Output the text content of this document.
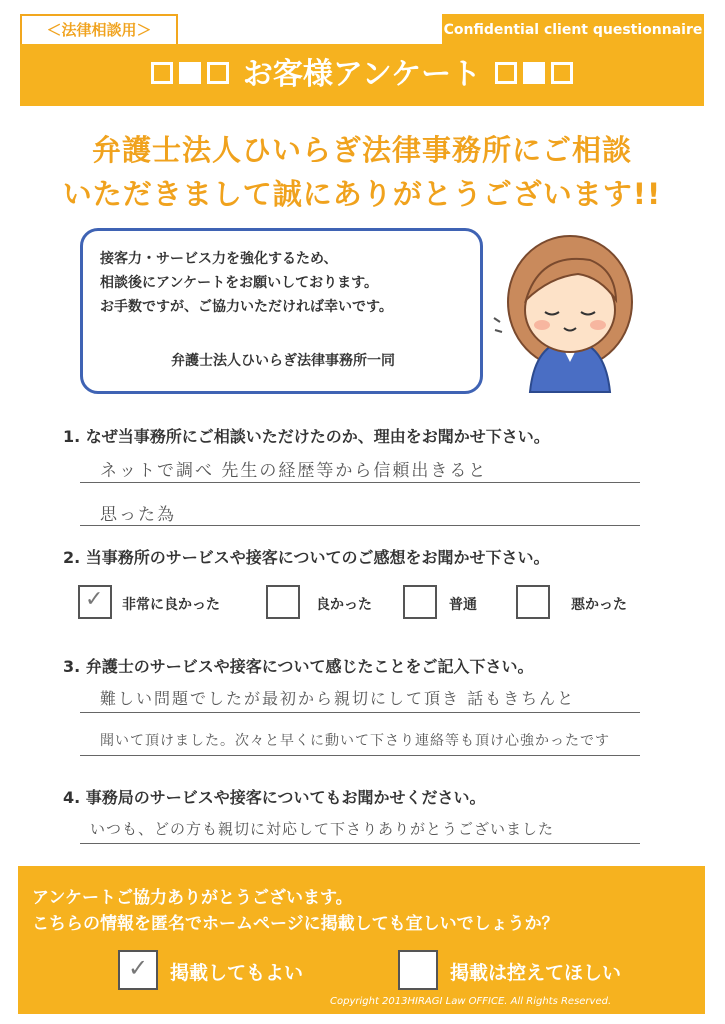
＜法律相談用＞	Confidential client questionnaire
お客様アンケート
弁護士法人ひいらぎ法律事務所にご相談
いただきまして誠にありがとうございます!!
接客力・サービス力を強化するため、
相談後にアンケートをお願いしております。
お手数ですが、ご協力いただければ幸いです。
弁護士法人ひいらぎ法律事務所一同
1. なぜ当事務所にご相談いただけたのか、理由をお聞かせ下さい。
ネットで調べ 先生の経歴等から信頼出きると
思った為
2. 当事務所のサービスや接客についてのご感想をお聞かせ下さい。
✓ 非常に良かった	良かった	普通	悪かった
3. 弁護士のサービスや接客について感じたことをご記入下さい。
難しい問題でしたが最初から親切にして頂き 話もきちんと
聞いて頂けました。次々と早くに動いて下さり連絡等も頂け心強かったです
4. 事務局のサービスや接客についてもお聞かせください。
いつも、どの方も親切に対応して下さりありがとうございました
アンケートご協力ありがとうございます。
こちらの情報を匿名でホームページに掲載しても宜しいでしょうか？
✓ 掲載してもよい	掲載は控えてほしい
Copyright 2013HIRAGI Law OFFICE. All Rights Reserved.
